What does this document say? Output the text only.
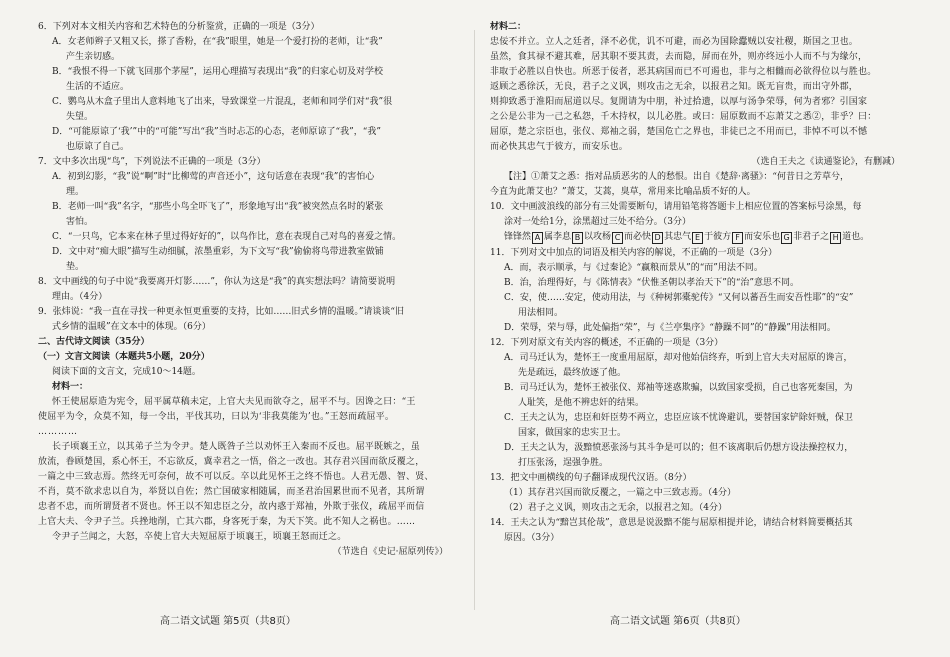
6．下列对本文相关内容和艺术特色的分析鉴赏，正确的一项是（3分）

A．女老师辫子又粗又长，搽了香粉，在“我”眼里，她是一个爱打扮的老师，让“我”

产生亲切感。

B．“我恨不得一下就飞回那个茅屋”，运用心理描写表现出“我”的归家心切及对学校

生活的不适应。

C．鹦鸟从木盒子里出人意料地飞了出来，导致课堂一片混乱，老师和同学们对“我”很

失望。

D．“可能原谅了‘我’”中的“可能”写出“我”当时忐忑的心态，老师原谅了“我”，“我”

也原谅了自己。

7．文中多次出现“鸟”，下列说法不正确的一项是（3分）

A．初到幻影，“我”说“啊”时“比柳莺的声音还小”，这句话意在表现“我”的害怕心

理。

B．老师一叫“我”名字，“那些小鸟全吓飞了”，形象地写出“我”被突然点名时的紧张

害怕。

C．“一只鸟，它本来在林子里过得好好的”，以鸟作比，意在表现自己对鸟的喜爱之情。

D．文中对“痴大眼”描写生动细腻，浓墨重彩，为下文写“我”偷偷将鸟带进教室做铺

垫。

8．文中画线的句子中说“我要离开灯影……”，你认为这是“我”的真实想法吗？请简要说明

理由。（4分）

9．张炜说：“我一直在寻找一种更永恒更重要的支持，比如……旧式乡情的温暖。”请谈谈“旧

式乡情的温暖”在文本中的体现。（6分）

二、古代诗文阅读（35分）

（一）文言文阅读（本题共5小题，20分）

阅读下面的文言文，完成10～14题。

材料一：

怀王使屈原造为宪令，屈平属草稿未定，上官大夫见而欲夺之，屈平不与。因谗之曰：“王

使屈平为令，众莫不知，每一令出，平伐其功，曰以为‘非我莫能为’也。”王怒而疏屈平。

…………

长子顷襄王立，以其弟子兰为令尹。楚人既咎子兰以劝怀王入秦而不反也。屈平既嫉之，虽

放流，眷顾楚国，系心怀王，不忘欲反，冀幸君之一悟，俗之一改也。其存君兴国而欲反覆之，

一篇之中三致志焉。然终无可奈何，故不可以反。卒以此见怀王之终不悟也。人君无愚、智、贤、

不肖，莫不欲求忠以自为，举贤以自佐；然亡国破家相随属，而圣君治国累世而不见者，其所谓

忠者不忠，而所谓贤者不贤也。怀王以不知忠臣之分，故内惑于郑袖，外欺于张仪，疏屈平而信

上官大夫、令尹子兰。兵挫地削，亡其六郡，身客死于秦，为天下笑。此不知人之祸也。……

令尹子兰闻之，大怒，卒使上官大夫短屈原于顷襄王，顷襄王怒而迁之。

（节选自《史记·屈原列传》）

材料二：

忠佞不并立。立人之廷者，泽不必优，讥不可避，而必为国除蠹贼以安社稷，斯国之卫也。

虽然，食其禄不避其难，居其职不要其责，去而隐，屏而在外，则亦终远小人而不与为缘尔，

非取于必胜以自快也。所恶于佞者，恶其病国而已不可遏也，非与之相雠而必欲得位以与胜也。

返顾之悉徐沃，无良，君子之义讽，则攻击之无余，以报君之知。既无盲贵，而出守外郡，

则抑致悉于淮阳而屈道以尽。复閒请为中朋，补过拾遗，以厚与汤争荣辱，何为者邪？引国家

之公是公非为一己之私怨，千木持权，以儿必胜。或曰：屈原数而不忘萧艾之悉②，非乎？曰：

屈原，楚之宗臣也，张仪、郑袖之弱，楚国危亡之界也，非徒已之不用而已，非悼不可以不憾

而必快其忠气于彼方，而安乐也。

（选自王夫之《读通鉴论》，有删减）

【注】①萧艾之悉：指对品质恶劣的人的愁恨。出自《楚辞·离骚》：“何昔日之芳草兮，

今直为此萧艾也？”萧艾，艾蒿，臭草，常用来比喻品质不好的人。

10．文中画波浪线的部分有三处需要断句，请用铅笔将答题卡上相应位置的答案标号涂黑，每

涂对一处给1分，涂黑超过三处不给分。（3分）

锋锋然 A 属李息 B 以攻杨 C 而必快 D 其忠气 E 于彼方 F 而安乐也 G 非君子之 H 道也。

11．下列对文中加点的词语及相关内容的解说，不正确的一项是（3分）

A．而，表示顺承，与《过秦论》“赢粮而景从”的“而”用法不同。

B．治，治理得好，与《陈情表》“伏惟圣朝以孝治天下”的“治”意思不同。

C．安，使……安定，使动用法，与《种树郭橐驼传》“又何以蕃吾生而安吾性耶”的“安”

用法相同。

D．荣辱，荣与辱，此处偏指“荣”，与《兰亭集序》“静躁不同”的“静躁”用法相同。

12．下列对原文有关内容的概述，不正确的一项是（3分）

A．司马迁认为，楚怀王一度重用屈原，却对他始信终弃，听到上官大夫对屈原的谗言，

先是疏远，最终放逐了他。

B．司马迁认为，楚怀王被张仪、郑袖等迷惑欺骗，以致国家受损，自己也客死秦国，为

人耻笑，是他不辨忠奸的结果。

C．王夫之认为，忠臣和奸臣势不两立，忠臣应该不忧谗避讥，要替国家铲除奸贼，保卫

国家，做国家的忠实卫士。

D．王夫之认为，汲黯愤恶张汤与其斗争是可以的；但不该离职后仍想方设法操控权力，

打压张汤，逞强争胜。

13．把文中画横线的句子翻译成现代汉语。（8分）

（1）其存君兴国而欲反覆之，一篇之中三致志焉。（4分）

（2）君子之义讽，则攻击之无余，以报君之知。（4分）

14．王夫之认为“黯岂其伦哉”，意思是说汲黯不能与屈原相提并论，请结合材料简要概括其

原因。（3分）

高二语文试题 第5页（共8页）	高二语文试题 第6页（共8页）
